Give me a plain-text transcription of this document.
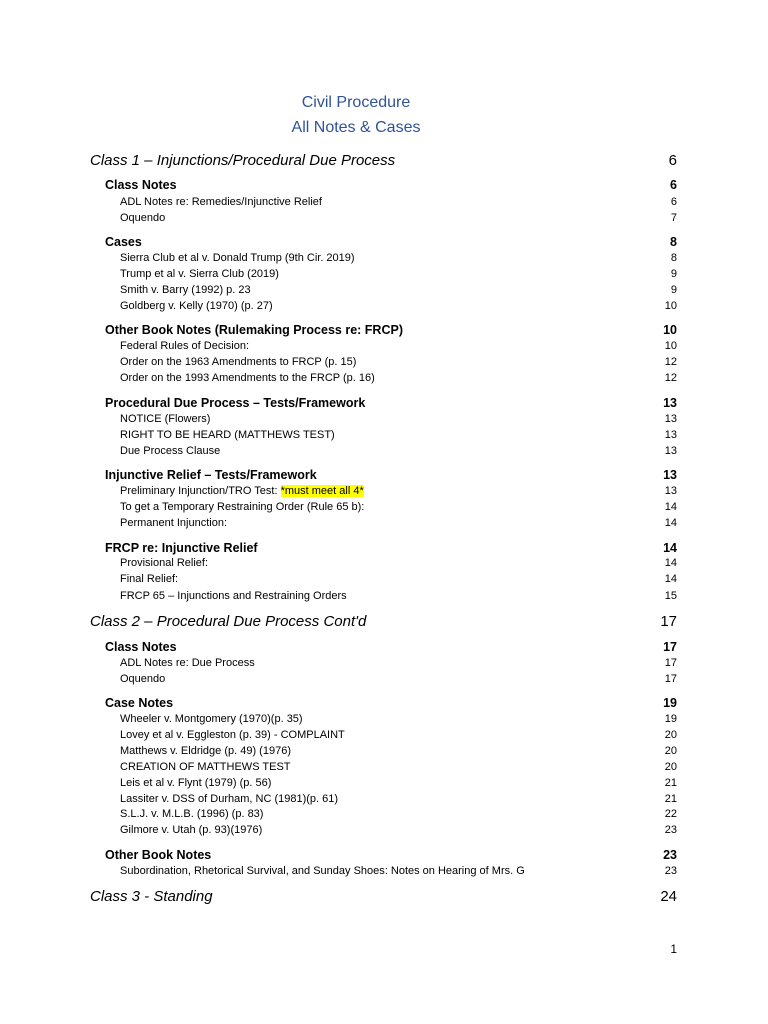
Civil Procedure
All Notes & Cases
Class 1 – Injunctions/Procedural Due Process	6
Class Notes	6
ADL Notes re: Remedies/Injunctive Relief	6
Oquendo	7
Cases	8
Sierra Club et al v. Donald Trump (9th Cir. 2019)	8
Trump et al v. Sierra Club (2019)	9
Smith v. Barry (1992) p. 23	9
Goldberg v. Kelly (1970) (p. 27)	10
Other Book Notes (Rulemaking Process re: FRCP)	10
Federal Rules of Decision:	10
Order on the 1963 Amendments to FRCP (p. 15)	12
Order on the 1993 Amendments to the FRCP (p. 16)	12
Procedural Due Process – Tests/Framework	13
NOTICE (Flowers)	13
RIGHT TO BE HEARD (MATTHEWS TEST)	13
Due Process Clause	13
Injunctive Relief – Tests/Framework	13
Preliminary Injunction/TRO Test: *must meet all 4*	13
To get a Temporary Restraining Order (Rule 65 b):	14
Permanent Injunction:	14
FRCP re: Injunctive Relief	14
Provisional Relief:	14
Final Relief:	14
FRCP 65 – Injunctions and Restraining Orders	15
Class 2 – Procedural Due Process Cont'd	17
Class Notes	17
ADL Notes re: Due Process	17
Oquendo	17
Case Notes	19
Wheeler v. Montgomery (1970)(p. 35)	19
Lovey et al v. Eggleston (p. 39) - COMPLAINT	20
Matthews v. Eldridge (p. 49) (1976)	20
CREATION OF MATTHEWS TEST	20
Leis et al v. Flynt (1979) (p. 56)	21
Lassiter v. DSS of Durham, NC (1981)(p. 61)	21
S.L.J. v. M.L.B. (1996) (p. 83)	22
Gilmore v. Utah (p. 93)(1976)	23
Other Book Notes	23
Subordination, Rhetorical Survival, and Sunday Shoes: Notes on Hearing of Mrs. G	23
Class 3 - Standing	24
1
